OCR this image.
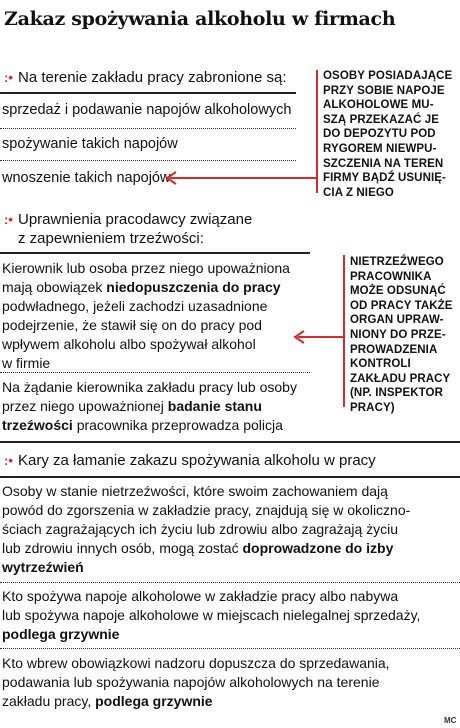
Zakaz spożywania alkoholu w firmach
:• Na terenie zakładu pracy zabronione są:
sprzedaż i podawanie napojów alkoholowych
spożywanie takich napojów
wnoszenie takich napojów
OSOBY POSIADAJĄCE
PRZY SOBIE NAPOJE
ALKOHOLOWE MU-
SZĄ PRZEKAZAĆ JE
DO DEPOZYTU POD
RYGOREM NIEWPU-
SZCZENIA NA TEREN
FIRMY BĄDŹ USUNIĘ-
CIA Z NIEGO
:• Uprawnienia pracodawcy związane
z zapewnieniem trzeźwości:
Kierownik lub osoba przez niego upoważniona
mają obowiązek niedopuszczenia do pracy
podwładnego, jeżeli zachodzi uzasadnione
podejrzenie, że stawił się on do pracy pod
wpływem alkoholu albo spożywał alkohol
w firmie
Na żądanie kierownika zakładu pracy lub osoby
przez niego upoważnionej badanie stanu
trzeźwości pracownika przeprowadza policja
NIETRZEŹWEGO
PRACOWNIKA
MOŻE ODSUNĄĆ
OD PRACY TAKŻE
ORGAN UPRAW-
NIONY DO PRZE-
PROWADZENIA
KONTROLI
ZAKŁADU PRACY
(NP. INSPEKTOR
PRACY)
:• Kary za łamanie zakazu spożywania alkoholu w pracy
Osoby w stanie nietrzeźwości, które swoim zachowaniem dają
powód do zgorszenia w zakładzie pracy, znajdują się w okoliczno-
ściach zagrażających ich życiu lub zdrowiu albo zagrażają życiu
lub zdrowiu innych osób, mogą zostać doprowadzone do izby
wytrzeźwień
Kto spożywa napoje alkoholowe w zakładzie pracy albo nabywa
lub spożywa napoje alkoholowe w miejscach nielegalnej sprzedaży,
podlega grzywnie
Kto wbrew obowiązkowi nadzoru dopuszcza do sprzedawania,
podawania lub spożywania napojów alkoholowych na terenie
zakładu pracy, podlega grzywnie
MC
